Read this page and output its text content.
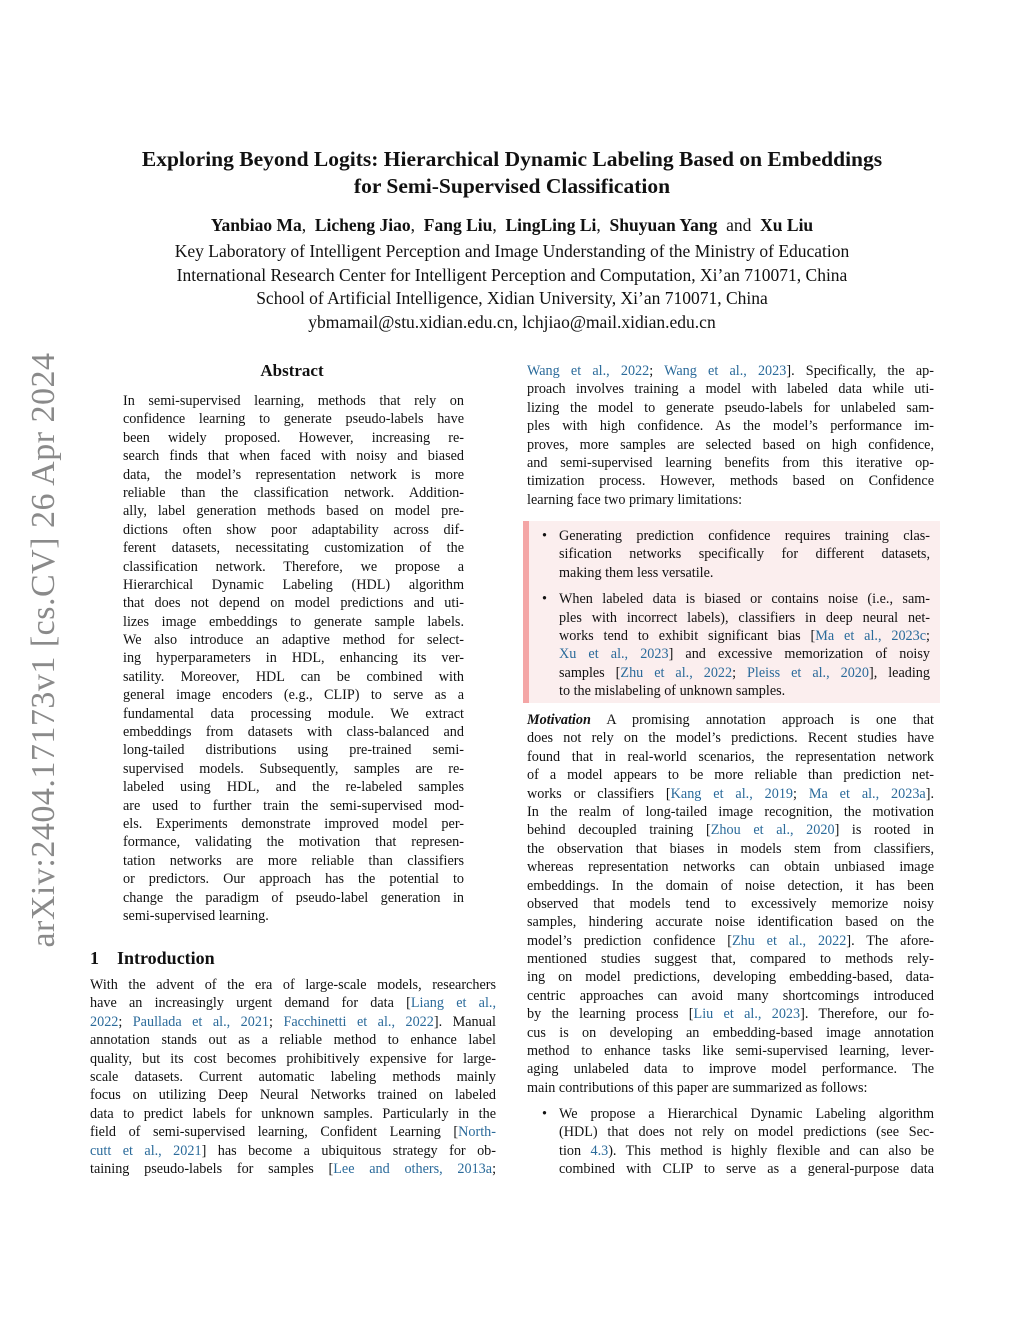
Exploring Beyond Logits: Hierarchical Dynamic Labeling Based on Embeddings
for Semi-Supervised Classification
Yanbiao Ma, Licheng Jiao, Fang Liu, LingLing Li, Shuyuan Yang and Xu Liu
Key Laboratory of Intelligent Perception and Image Understanding of the Ministry of Education
International Research Center for Intelligent Perception and Computation, Xi’an 710071, China
School of Artificial Intelligence, Xidian University, Xi’an 710071, China
ybmamail@stu.xidian.edu.cn, lchjiao@mail.xidian.edu.cn
arXiv:2404.17173v1 [cs.CV] 26 Apr 2024	Abstract
In semi-supervised learning, methods that rely on
confidence learning to generate pseudo-labels have
been widely proposed. However, increasing re-
search finds that when faced with noisy and biased
data, the model’s representation network is more
reliable than the classification network. Addition-
ally, label generation methods based on model pre-
dictions often show poor adaptability across dif-
ferent datasets, necessitating customization of the
classification network. Therefore, we propose a
Hierarchical Dynamic Labeling (HDL) algorithm
that does not depend on model predictions and uti-
lizes image embeddings to generate sample labels.
We also introduce an adaptive method for select-
ing hyperparameters in HDL, enhancing its ver-
satility. Moreover, HDL can be combined with
general image encoders (e.g., CLIP) to serve as a
fundamental data processing module. We extract
embeddings from datasets with class-balanced and
long-tailed distributions using pre-trained semi-
supervised models. Subsequently, samples are re-
labeled using HDL, and the re-labeled samples
are used to further train the semi-supervised mod-
els. Experiments demonstrate improved model per-
formance, validating the motivation that represen-
tation networks are more reliable than classifiers
or predictors. Our approach has the potential to
change the paradigm of pseudo-label generation in
semi-supervised learning.
1 Introduction
With the advent of the era of large-scale models, researchers
have an increasingly urgent demand for data [Liang et al.,
2022; Paullada et al., 2021; Facchinetti et al., 2022]. Manual
annotation stands out as a reliable method to enhance label
quality, but its cost becomes prohibitively expensive for large-
scale datasets. Current automatic labeling methods mainly
focus on utilizing Deep Neural Networks trained on labeled
data to predict labels for unknown samples. Particularly in the
field of semi-supervised learning, Confident Learning [North-
cutt et al., 2021] has become a ubiquitous strategy for ob-
taining pseudo-labels for samples [Lee and others, 2013a;
Wang et al., 2022; Wang et al., 2023]. Specifically, the ap-
proach involves training a model with labeled data while uti-
lizing the model to generate pseudo-labels for unlabeled sam-
ples with high confidence. As the model’s performance im-
proves, more samples are selected based on high confidence,
and semi-supervised learning benefits from this iterative op-
timization process. However, methods based on Confidence
learning face two primary limitations:
• Generating prediction confidence requires training clas-
sification networks specifically for different datasets,
making them less versatile.
• When labeled data is biased or contains noise (i.e., sam-
ples with incorrect labels), classifiers in deep neural net-
works tend to exhibit significant bias [Ma et al., 2023c;
Xu et al., 2023] and excessive memorization of noisy
samples [Zhu et al., 2022; Pleiss et al., 2020], leading
to the mislabeling of unknown samples.
Motivation A promising annotation approach is one that
does not rely on the model’s predictions. Recent studies have
found that in real-world scenarios, the representation network
of a model appears to be more reliable than prediction net-
works or classifiers [Kang et al., 2019; Ma et al., 2023a].
In the realm of long-tailed image recognition, the motivation
behind decoupled training [Zhou et al., 2020] is rooted in
the observation that biases in models stem from classifiers,
whereas representation networks can obtain unbiased image
embeddings. In the domain of noise detection, it has been
observed that models tend to excessively memorize noisy
samples, hindering accurate noise identification based on the
model’s prediction confidence [Zhu et al., 2022]. The afore-
mentioned studies suggest that, compared to methods rely-
ing on model predictions, developing embedding-based, data-
centric approaches can avoid many shortcomings introduced
by the learning process [Liu et al., 2023]. Therefore, our fo-
cus is on developing an embedding-based image annotation
method to enhance tasks like semi-supervised learning, lever-
aging unlabeled data to improve model performance. The
main contributions of this paper are summarized as follows:
• We propose a Hierarchical Dynamic Labeling algorithm
(HDL) that does not rely on model predictions (see Sec-
tion 4.3). This method is highly flexible and can also be
combined with CLIP to serve as a general-purpose data
